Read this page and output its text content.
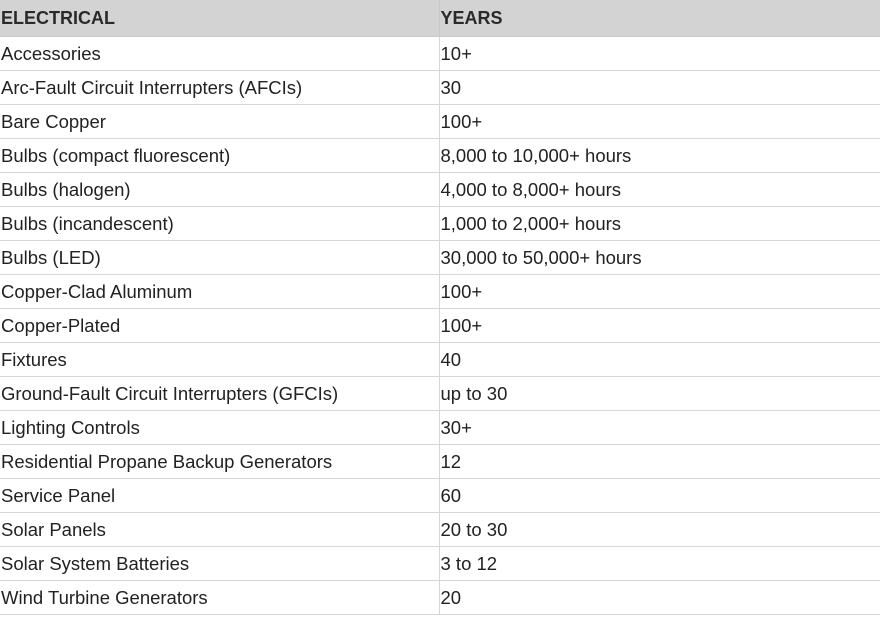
ELECTRICAL	YEARS
Accessories	10+
Arc-Fault Circuit Interrupters (AFCIs)	30
Bare Copper	100+
Bulbs (compact fluorescent)	8,000 to 10,000+ hours
Bulbs (halogen)	4,000 to 8,000+ hours
Bulbs (incandescent)	1,000 to 2,000+ hours
Bulbs (LED)	30,000 to 50,000+ hours
Copper-Clad Aluminum	100+
Copper-Plated	100+
Fixtures	40
Ground-Fault Circuit Interrupters (GFCIs)	up to 30
Lighting Controls	30+
Residential Propane Backup Generators	12
Service Panel	60
Solar Panels	20 to 30
Solar System Batteries	3 to 12
Wind Turbine Generators	20
